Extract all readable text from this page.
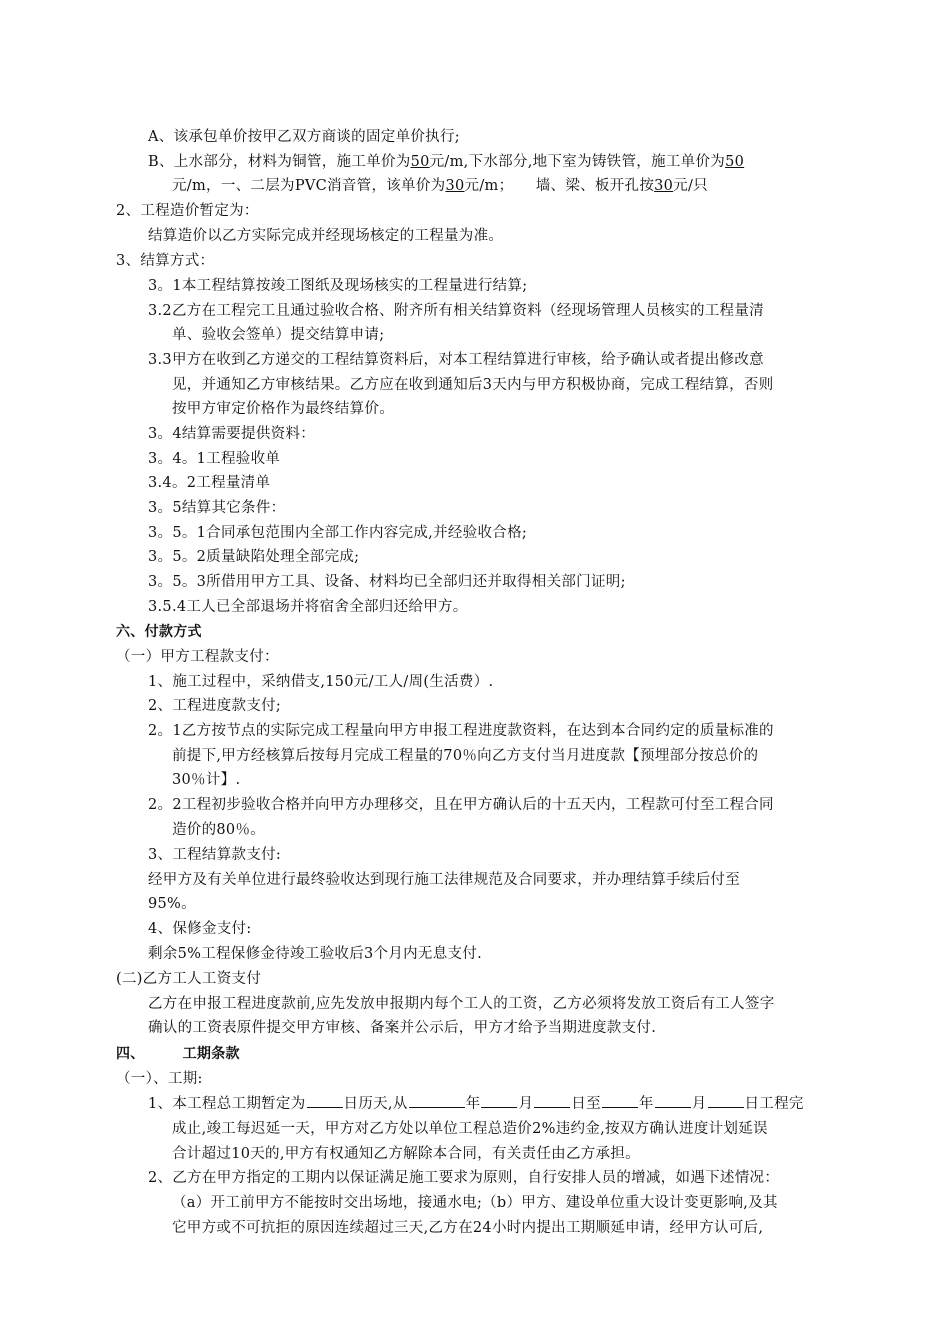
A、该承包单价按甲乙双方商谈的固定单价执行;
B、上水部分，材料为铜管，施工单价为50元/m,下水部分,地下室为铸铁管，施工单价为50
元/m，一、二层为PVC消音管，该单价为30元/m；　　墙、梁、板开孔按30元/只
2、工程造价暂定为：
结算造价以乙方实际完成并经现场核定的工程量为准。
3、结算方式：
3。1本工程结算按竣工图纸及现场核实的工程量进行结算;
3.2乙方在工程完工且通过验收合格、附齐所有相关结算资料（经现场管理人员核实的工程量清
单、验收会签单）提交结算申请;
3.3甲方在收到乙方递交的工程结算资料后，对本工程结算进行审核，给予确认或者提出修改意
见，并通知乙方审核结果。乙方应在收到通知后3天内与甲方积极协商，完成工程结算，否则
按甲方审定价格作为最终结算价。
3。4结算需要提供资料：
3。4。1工程验收单
3.4。2工程量清单
3。5结算其它条件：
3。5。1合同承包范围内全部工作内容完成,并经验收合格;
3。5。2质量缺陷处理全部完成;
3。5。3所借用甲方工具、设备、材料均已全部归还并取得相关部门证明;
3.5.4工人已全部退场并将宿舍全部归还给甲方。
六、付款方式
（一）甲方工程款支付：
1、施工过程中，采纳借支,150元/工人/周(生活费）.
2、工程进度款支付;
2。1乙方按节点的实际完成工程量向甲方申报工程进度款资料，在达到本合同约定的质量标准的
前提下,甲方经核算后按每月完成工程量的70％向乙方支付当月进度款【预埋部分按总价的
30％计】.
2。2工程初步验收合格并向甲方办理移交，且在甲方确认后的十五天内，工程款可付至工程合同
造价的80％。
3、工程结算款支付:
经甲方及有关单位进行最终验收达到现行施工法律规范及合同要求，并办理结算手续后付至
95%。
4、保修金支付:
剩余5%工程保修金待竣工验收后3个月内无息支付.
(二)乙方工人工资支付
乙方在申报工程进度款前,应先发放申报期内每个工人的工资，乙方必须将发放工资后有工人签字
确认的工资表原件提交甲方审核、备案并公示后，甲方才给予当期进度款支付.
四、	工期条款
（一）、工期:
1、本工程总工期暂定为	日历天,从	年	月	日至	年	月	日工程完
成止,竣工每迟延一天，甲方对乙方处以单位工程总造价2%违约金,按双方确认进度计划延误
合计超过10天的,甲方有权通知乙方解除本合同，有关责任由乙方承担。
2、乙方在甲方指定的工期内以保证满足施工要求为原则，自行安排人员的增减，如遇下述情况：
（a）开工前甲方不能按时交出场地，接通水电;（b）甲方、建设单位重大设计变更影响,及其
它甲方或不可抗拒的原因连续超过三天,乙方在24小时内提出工期顺延申请，经甲方认可后,
